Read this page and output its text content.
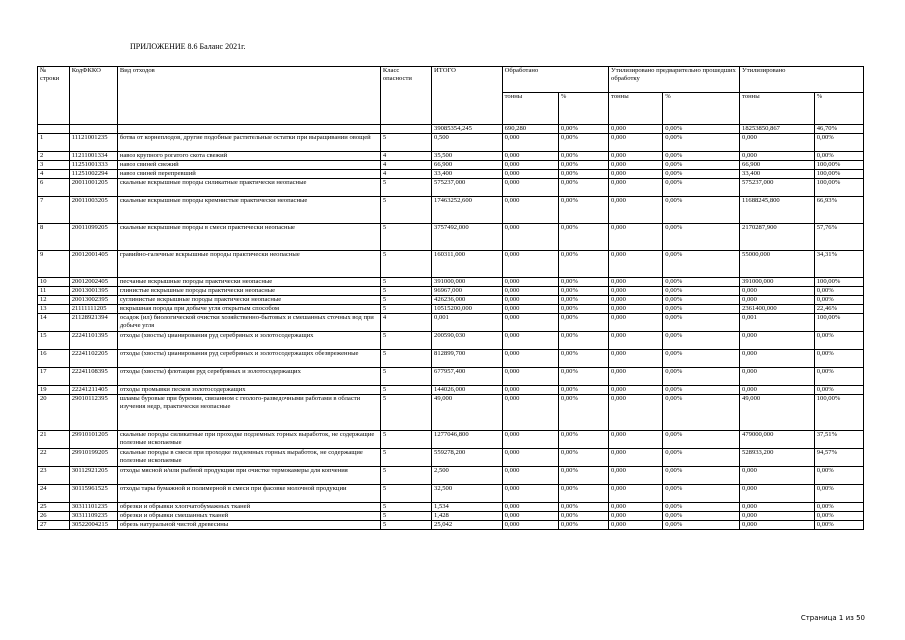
ПРИЛОЖЕНИЕ 8.6 Баланс 2021г.
№ строки	КодФККО	Вид отходов	Класс опасности	ИТОГО	Обработано		Утилизировано предварительно прошедших обработку		Утилизировано	
					тонны	%	тонны	%	тонны	%
				39085354,245	690,280	0,00%	0,000	0,00%	18253850,867	46,70%
1	11121001235	ботва от корнеплодов, другие подобные растительные остатки при выращивании овощей	5	0,500	0,000	0,00%	0,000	0,00%	0,000	0,00%
2	11211001334	навоз крупного рогатого скота свежий	4	35,500	0,000	0,00%	0,000	0,00%	0,000	0,00%
3	11251001333	навоз свиней свежий	4	66,900	0,000	0,00%	0,000	0,00%	66,900	100,00%
4	11251002294	навоз свиней перепревший	4	33,400	0,000	0,00%	0,000	0,00%	33,400	100,00%
6	20011001205	скальные вскрышные породы силикатные практически неопасные	5	575237,000	0,000	0,00%	0,000	0,00%	575237,000	100,00%
7	20011003205	скальные вскрышные породы кремнистые практически неопасные	5	17463252,600	0,000	0,00%	0,000	0,00%	11688245,800	66,93%
8	20011099205	скальные вскрышные породы в смеси практически неопасные	5	3757492,000	0,000	0,00%	0,000	0,00%	2170287,900	57,76%
9	20012001405	гравийно-галечные вскрышные породы практически неопасные	5	160311,000	0,000	0,00%	0,000	0,00%	55000,000	34,31%
10	20012002405	песчаные вскрышные породы практически неопасные	5	391000,000	0,000	0,00%	0,000	0,00%	391000,000	100,00%
11	20013001395	глинистые вскрышные породы практически неопасные	5	96967,000	0,000	0,00%	0,000	0,00%	0,000	0,00%
12	20013002395	суглинистые вскрышные породы практически неопасные	5	426236,000	0,000	0,00%	0,000	0,00%	0,000	0,00%
13	21111111205	вскрышная порода при добыче угля открытым способом	5	10515200,000	0,000	0,00%	0,000	0,00%	2361400,000	22,46%
14	21128921394	осадок (ил) биологической очистки хозяйственно-бытовых и смешанных сточных вод при добыче угля	4	0,001	0,000	0,00%	0,000	0,00%	0,001	100,00%
15	22241101395	отходы (хвосты) цианирования руд серебряных и золотосодержащих	5	200590,030	0,000	0,00%	0,000	0,00%	0,000	0,00%
16	22241102205	отходы (хвосты) цианирования руд серебряных и золотосодержащих обезвреженные	5	812899,700	0,000	0,00%	0,000	0,00%	0,000	0,00%
17	22241108395	отходы (хвосты) флотации руд серебряных и золотосодержащих	5	677957,400	0,000	0,00%	0,000	0,00%	0,000	0,00%
19	22241211405	отходы промывки песков золотосодержащих	5	144026,000	0,000	0,00%	0,000	0,00%	0,000	0,00%
20	29010112395	шламы буровые при бурении, связанном с геолого-разведочными работами в области изучения недр, практически неопасные	5	49,000	0,000	0,00%	0,000	0,00%	49,000	100,00%
21	29910101205	скальные породы силикатные при проходке подземных горных выработок, не содержащие полезные ископаемые	5	1277046,800	0,000	0,00%	0,000	0,00%	479000,000	37,51%
22	29910199205	скальные породы в смеси при проходке подземных горных выработок, не содержащие полезные ископаемые	5	559278,200	0,000	0,00%	0,000	0,00%	528933,200	94,57%
23	30112921205	отходы мясной и/или рыбной продукции при очистке термокамеры для копчения	5	2,500	0,000	0,00%	0,000	0,00%	0,000	0,00%
24	30115961525	отходы тары бумажной и полимерной в смеси при фасовке молочной продукции	5	32,500	0,000	0,00%	0,000	0,00%	0,000	0,00%
25	30311101235	обрезки и обрывки хлопчатобумажных тканей	5	1,534	0,000	0,00%	0,000	0,00%	0,000	0,00%
26	30311109235	обрезки и обрывки смешанных тканей	5	1,428	0,000	0,00%	0,000	0,00%	0,000	0,00%
27	30522004215	обрезь натуральной чистой древесины	5	25,042	0,000	0,00%	0,000	0,00%	0,000	0,00%
Страница 1 из 50
